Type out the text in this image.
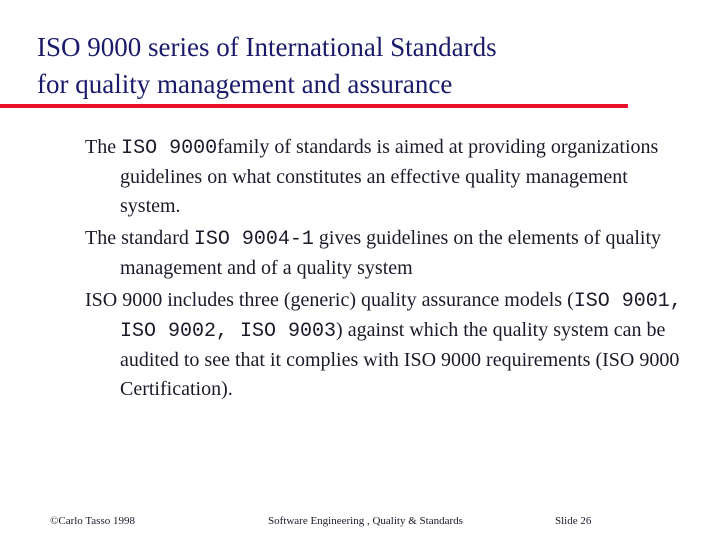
ISO 9000 series of International Standards
for quality management and assurance

The ISO 9000family of standards is aimed at providing organizations guidelines on what constitutes an effective quality management system.

The standard ISO 9004-1 gives guidelines on the elements of quality management and of a quality system

ISO 9000 includes three (generic) quality assurance models (ISO 9001, ISO 9002, ISO 9003) against which the quality system can be audited to see that it complies with ISO 9000 requirements (ISO 9000 Certification).

©Carlo Tasso 1998	Software Engineering , Quality & Standards	Slide 26
